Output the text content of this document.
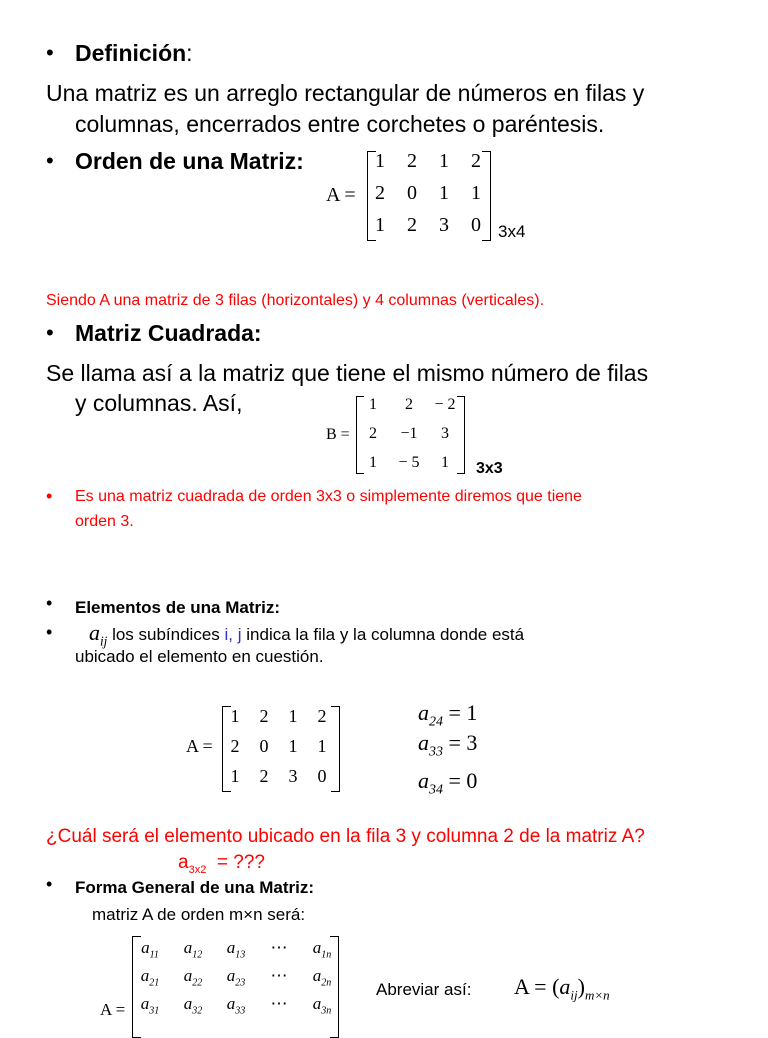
• Definición:
Una matriz es un arreglo rectangular de números en filas y
columnas, encerrados entre corchetes o paréntesis.
• Orden de una Matriz:
A =
1	2	1	2
2	0	1	1
1	2	3	0	3x4
Siendo A una matriz de 3 filas (horizontales) y 4 columnas (verticales).
• Matriz Cuadrada:
Se llama así a la matriz que tiene el mismo número de filas
y columnas. Así,
B =
1	2	− 2
2	−1	3
1	− 5	1	3x3
• Es una matriz cuadrada de orden 3x3 o simplemente diremos que tiene
orden 3.
• Elementos de una Matriz:
•	$a_{ij}$ los subíndices i, j indica la fila y la columna donde está
ubicado el elemento en cuestión.
A =
1	2	1	2
2	0	1	1
1	2	3	0
$a_{24} = 1$
$a_{33} = 3$
$a_{34} = 0$
¿Cuál será el elemento ubicado en la fila 3 y columna 2 de la matriz A?
$a_{3x2}$ = ???
• Forma General de una Matriz:
matriz A de orden m×n será:
A =
$a_{11}$	$a_{12}$	$a_{13}$	⋯	$a_{1n}$
$a_{21}$	$a_{22}$	$a_{23}$	⋯	$a_{2n}$
$a_{31}$	$a_{32}$	$a_{33}$	⋯	$a_{3n}$
Abreviar así: $A = (a_{ij})_{m\times n}$
